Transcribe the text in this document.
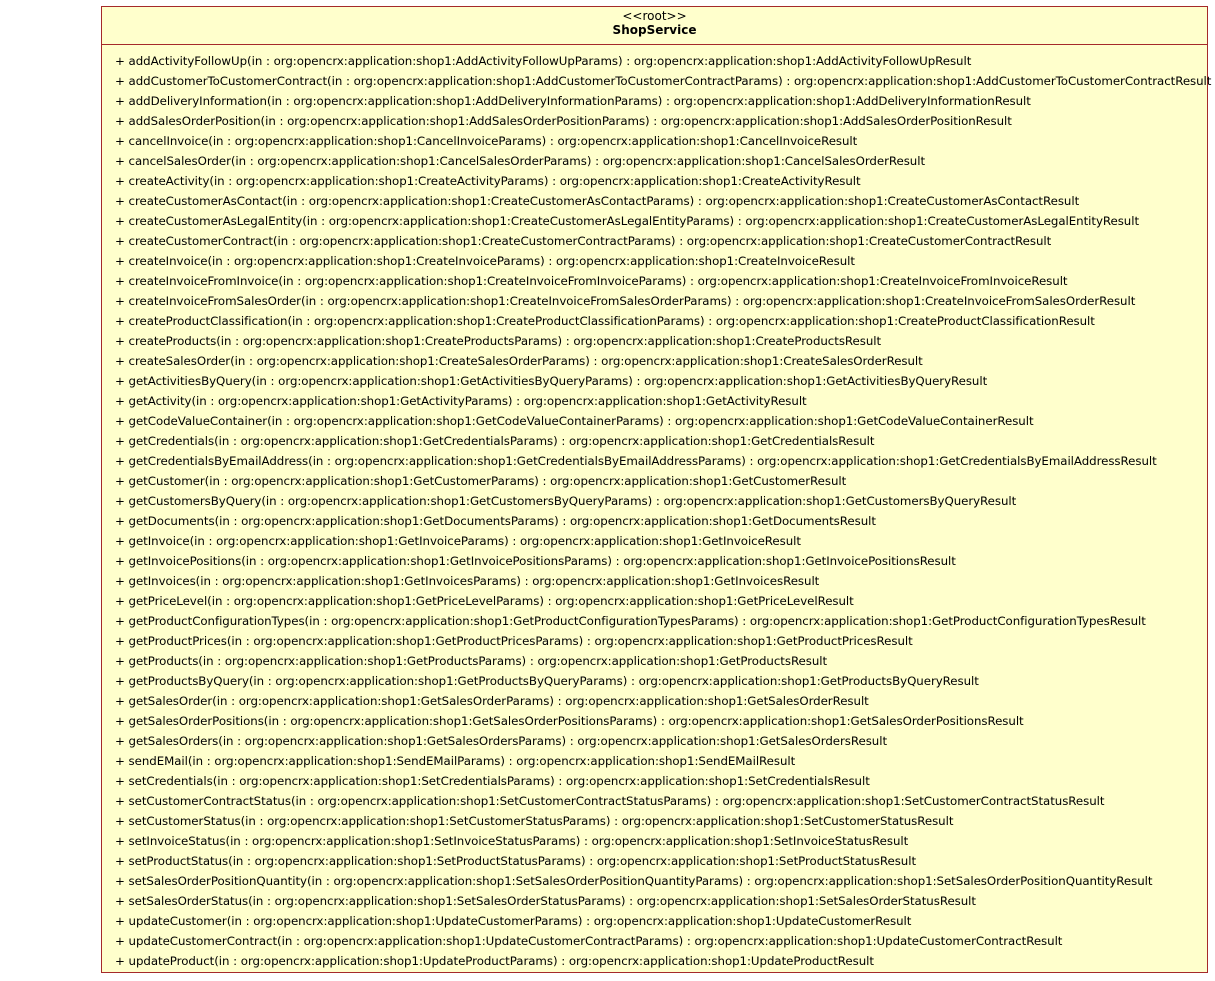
<<root>>
ShopService
+ addActivityFollowUp(in : org:opencrx:application:shop1:AddActivityFollowUpParams) : org:opencrx:application:shop1:AddActivityFollowUpResult
+ addCustomerToCustomerContract(in : org:opencrx:application:shop1:AddCustomerToCustomerContractParams) : org:opencrx:application:shop1:AddCustomerToCustomerContractResult
+ addDeliveryInformation(in : org:opencrx:application:shop1:AddDeliveryInformationParams) : org:opencrx:application:shop1:AddDeliveryInformationResult
+ addSalesOrderPosition(in : org:opencrx:application:shop1:AddSalesOrderPositionParams) : org:opencrx:application:shop1:AddSalesOrderPositionResult
+ cancelInvoice(in : org:opencrx:application:shop1:CancelInvoiceParams) : org:opencrx:application:shop1:CancelInvoiceResult
+ cancelSalesOrder(in : org:opencrx:application:shop1:CancelSalesOrderParams) : org:opencrx:application:shop1:CancelSalesOrderResult
+ createActivity(in : org:opencrx:application:shop1:CreateActivityParams) : org:opencrx:application:shop1:CreateActivityResult
+ createCustomerAsContact(in : org:opencrx:application:shop1:CreateCustomerAsContactParams) : org:opencrx:application:shop1:CreateCustomerAsContactResult
+ createCustomerAsLegalEntity(in : org:opencrx:application:shop1:CreateCustomerAsLegalEntityParams) : org:opencrx:application:shop1:CreateCustomerAsLegalEntityResult
+ createCustomerContract(in : org:opencrx:application:shop1:CreateCustomerContractParams) : org:opencrx:application:shop1:CreateCustomerContractResult
+ createInvoice(in : org:opencrx:application:shop1:CreateInvoiceParams) : org:opencrx:application:shop1:CreateInvoiceResult
+ createInvoiceFromInvoice(in : org:opencrx:application:shop1:CreateInvoiceFromInvoiceParams) : org:opencrx:application:shop1:CreateInvoiceFromInvoiceResult
+ createInvoiceFromSalesOrder(in : org:opencrx:application:shop1:CreateInvoiceFromSalesOrderParams) : org:opencrx:application:shop1:CreateInvoiceFromSalesOrderResult
+ createProductClassification(in : org:opencrx:application:shop1:CreateProductClassificationParams) : org:opencrx:application:shop1:CreateProductClassificationResult
+ createProducts(in : org:opencrx:application:shop1:CreateProductsParams) : org:opencrx:application:shop1:CreateProductsResult
+ createSalesOrder(in : org:opencrx:application:shop1:CreateSalesOrderParams) : org:opencrx:application:shop1:CreateSalesOrderResult
+ getActivitiesByQuery(in : org:opencrx:application:shop1:GetActivitiesByQueryParams) : org:opencrx:application:shop1:GetActivitiesByQueryResult
+ getActivity(in : org:opencrx:application:shop1:GetActivityParams) : org:opencrx:application:shop1:GetActivityResult
+ getCodeValueContainer(in : org:opencrx:application:shop1:GetCodeValueContainerParams) : org:opencrx:application:shop1:GetCodeValueContainerResult
+ getCredentials(in : org:opencrx:application:shop1:GetCredentialsParams) : org:opencrx:application:shop1:GetCredentialsResult
+ getCredentialsByEmailAddress(in : org:opencrx:application:shop1:GetCredentialsByEmailAddressParams) : org:opencrx:application:shop1:GetCredentialsByEmailAddressResult
+ getCustomer(in : org:opencrx:application:shop1:GetCustomerParams) : org:opencrx:application:shop1:GetCustomerResult
+ getCustomersByQuery(in : org:opencrx:application:shop1:GetCustomersByQueryParams) : org:opencrx:application:shop1:GetCustomersByQueryResult
+ getDocuments(in : org:opencrx:application:shop1:GetDocumentsParams) : org:opencrx:application:shop1:GetDocumentsResult
+ getInvoice(in : org:opencrx:application:shop1:GetInvoiceParams) : org:opencrx:application:shop1:GetInvoiceResult
+ getInvoicePositions(in : org:opencrx:application:shop1:GetInvoicePositionsParams) : org:opencrx:application:shop1:GetInvoicePositionsResult
+ getInvoices(in : org:opencrx:application:shop1:GetInvoicesParams) : org:opencrx:application:shop1:GetInvoicesResult
+ getPriceLevel(in : org:opencrx:application:shop1:GetPriceLevelParams) : org:opencrx:application:shop1:GetPriceLevelResult
+ getProductConfigurationTypes(in : org:opencrx:application:shop1:GetProductConfigurationTypesParams) : org:opencrx:application:shop1:GetProductConfigurationTypesResult
+ getProductPrices(in : org:opencrx:application:shop1:GetProductPricesParams) : org:opencrx:application:shop1:GetProductPricesResult
+ getProducts(in : org:opencrx:application:shop1:GetProductsParams) : org:opencrx:application:shop1:GetProductsResult
+ getProductsByQuery(in : org:opencrx:application:shop1:GetProductsByQueryParams) : org:opencrx:application:shop1:GetProductsByQueryResult
+ getSalesOrder(in : org:opencrx:application:shop1:GetSalesOrderParams) : org:opencrx:application:shop1:GetSalesOrderResult
+ getSalesOrderPositions(in : org:opencrx:application:shop1:GetSalesOrderPositionsParams) : org:opencrx:application:shop1:GetSalesOrderPositionsResult
+ getSalesOrders(in : org:opencrx:application:shop1:GetSalesOrdersParams) : org:opencrx:application:shop1:GetSalesOrdersResult
+ sendEMail(in : org:opencrx:application:shop1:SendEMailParams) : org:opencrx:application:shop1:SendEMailResult
+ setCredentials(in : org:opencrx:application:shop1:SetCredentialsParams) : org:opencrx:application:shop1:SetCredentialsResult
+ setCustomerContractStatus(in : org:opencrx:application:shop1:SetCustomerContractStatusParams) : org:opencrx:application:shop1:SetCustomerContractStatusResult
+ setCustomerStatus(in : org:opencrx:application:shop1:SetCustomerStatusParams) : org:opencrx:application:shop1:SetCustomerStatusResult
+ setInvoiceStatus(in : org:opencrx:application:shop1:SetInvoiceStatusParams) : org:opencrx:application:shop1:SetInvoiceStatusResult
+ setProductStatus(in : org:opencrx:application:shop1:SetProductStatusParams) : org:opencrx:application:shop1:SetProductStatusResult
+ setSalesOrderPositionQuantity(in : org:opencrx:application:shop1:SetSalesOrderPositionQuantityParams) : org:opencrx:application:shop1:SetSalesOrderPositionQuantityResult
+ setSalesOrderStatus(in : org:opencrx:application:shop1:SetSalesOrderStatusParams) : org:opencrx:application:shop1:SetSalesOrderStatusResult
+ updateCustomer(in : org:opencrx:application:shop1:UpdateCustomerParams) : org:opencrx:application:shop1:UpdateCustomerResult
+ updateCustomerContract(in : org:opencrx:application:shop1:UpdateCustomerContractParams) : org:opencrx:application:shop1:UpdateCustomerContractResult
+ updateProduct(in : org:opencrx:application:shop1:UpdateProductParams) : org:opencrx:application:shop1:UpdateProductResult
